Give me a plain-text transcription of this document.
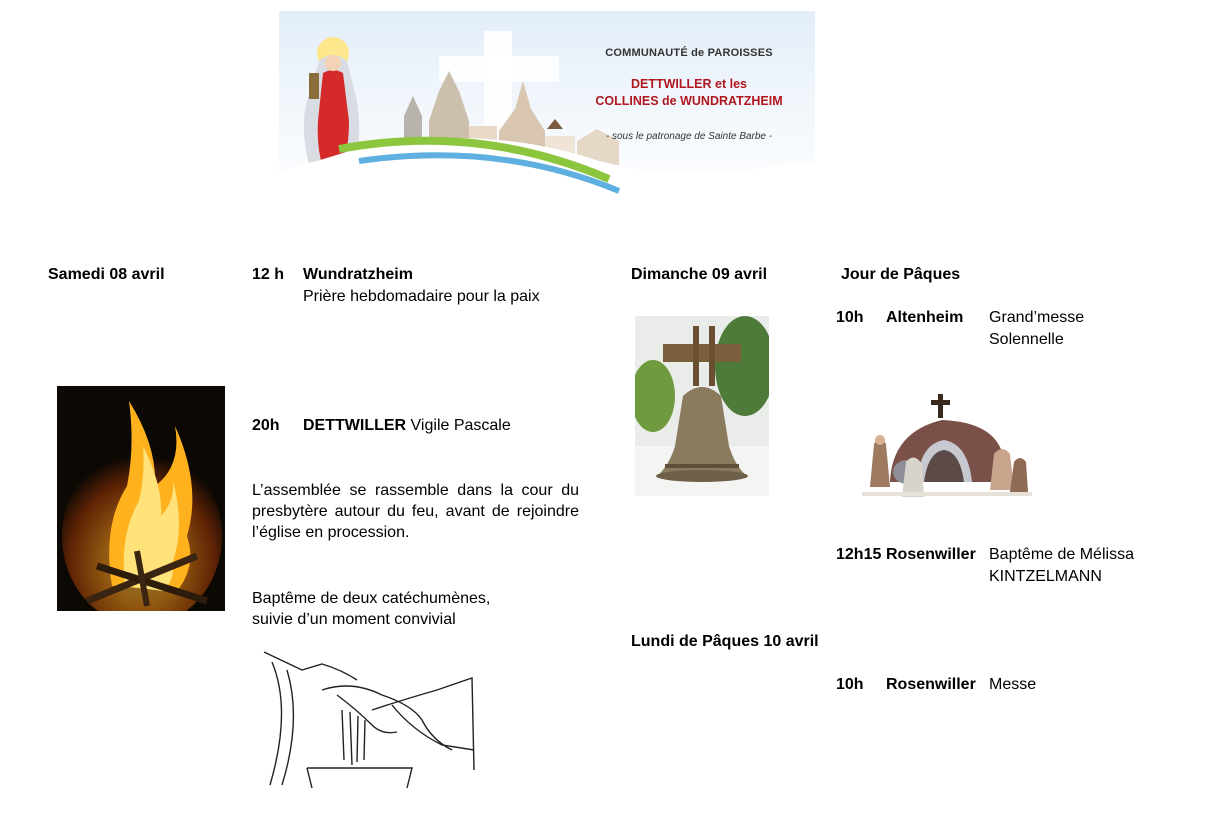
COMMUNAUTÉ de PAROISSES
DETTWILLER et les
COLLINES de WUNDRATZHEIM
- sous le patronage de Sainte Barbe -
Samedi 08 avril	12 h Wundratzheim
Prière hebdomadaire pour la paix
20h DETTWILLER Vigile Pascale
L’assemblée se rassemble dans la cour du presbytère autour du feu, avant de rejoindre l’église en procession.
Baptême de deux catéchumènes,
suivie d’un moment convivial
Dimanche 09 avril	Jour de Pâques
10h Altenheim Grand’messe
Solennelle
12h15 Rosenwiller Baptême de Mélissa
KINTZELMANN
Lundi de Pâques 10 avril
10h Rosenwiller Messe
